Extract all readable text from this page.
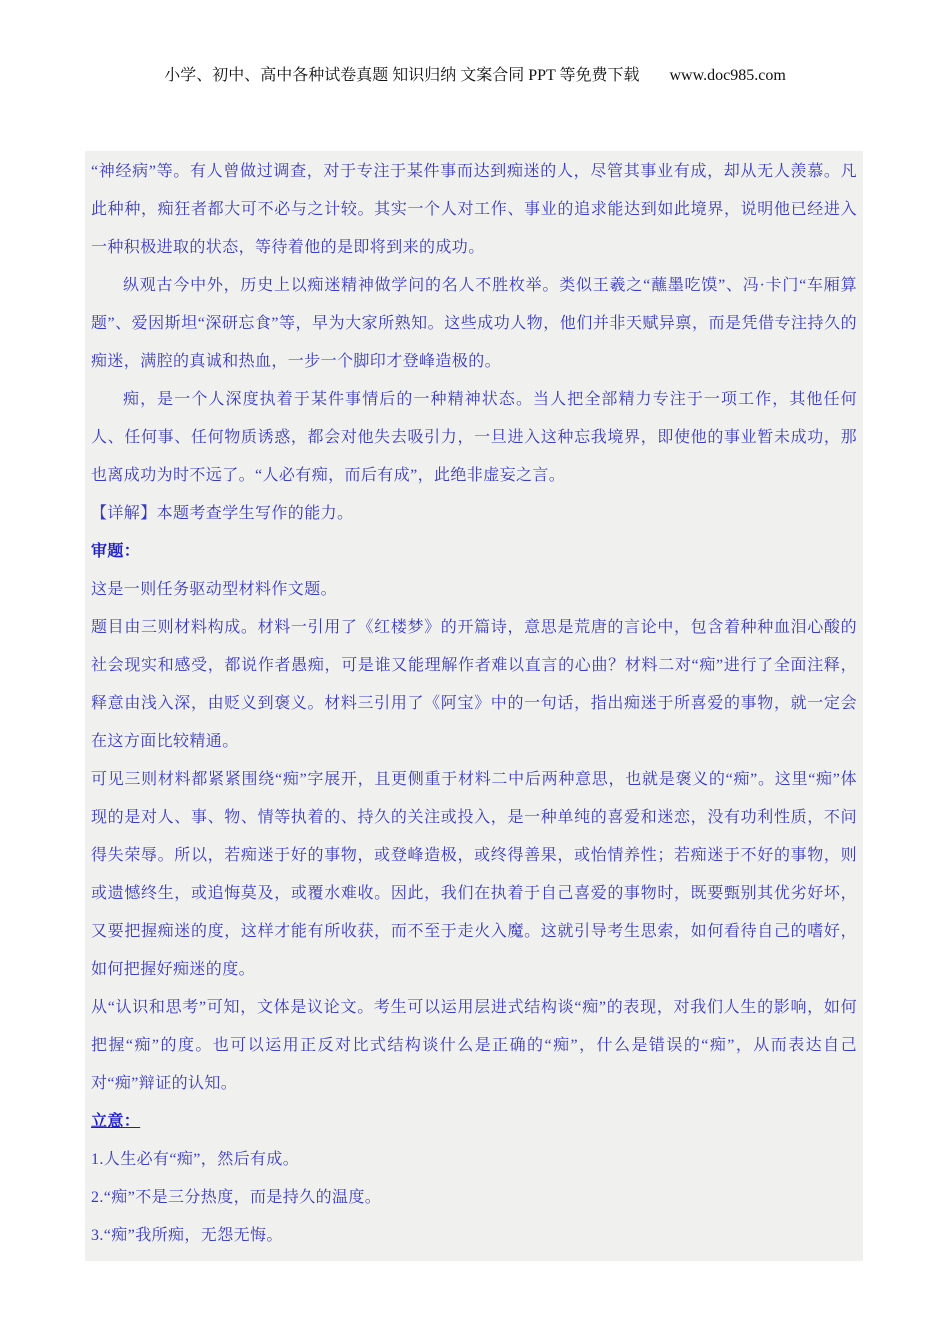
小学、初中、高中各种试卷真题 知识归纳 文案合同 PPT 等免费下载 www.doc985.com

“神经病”等。有人曾做过调查，对于专注于某件事而达到痴迷的人，尽管其事业有成，却从无人羡慕。凡此种种，痴狂者都大可不必与之计较。其实一个人对工作、事业的追求能达到如此境界，说明他已经进入一种积极进取的状态，等待着他的是即将到来的成功。

纵观古今中外，历史上以痴迷精神做学问的名人不胜枚举。类似王羲之“蘸墨吃馍”、冯·卡门“车厢算题”、爱因斯坦“深研忘食”等，早为大家所熟知。这些成功人物，他们并非天赋异禀，而是凭借专注持久的痴迷，满腔的真诚和热血，一步一个脚印才登峰造极的。

痴，是一个人深度执着于某件事情后的一种精神状态。当人把全部精力专注于一项工作，其他任何人、任何事、任何物质诱惑，都会对他失去吸引力，一旦进入这种忘我境界，即使他的事业暂未成功，那也离成功为时不远了。“人必有痴，而后有成”，此绝非虚妄之言。

【详解】本题考查学生写作的能力。

审题：

这是一则任务驱动型材料作文题。

题目由三则材料构成。材料一引用了《红楼梦》的开篇诗，意思是荒唐的言论中，包含着种种血泪心酸的社会现实和感受，都说作者愚痴，可是谁又能理解作者难以直言的心曲？材料二对“痴”进行了全面注释，释意由浅入深，由贬义到褒义。材料三引用了《阿宝》中的一句话，指出痴迷于所喜爱的事物，就一定会在这方面比较精通。

可见三则材料都紧紧围绕“痴”字展开，且更侧重于材料二中后两种意思，也就是褒义的“痴”。这里“痴”体现的是对人、事、物、情等执着的、持久的关注或投入，是一种单纯的喜爱和迷恋，没有功利性质，不问得失荣辱。所以，若痴迷于好的事物，或登峰造极，或终得善果，或怡情养性；若痴迷于不好的事物，则或遗憾终生，或追悔莫及，或覆水难收。因此，我们在执着于自己喜爱的事物时，既要甄别其优劣好坏，又要把握痴迷的度，这样才能有所收获，而不至于走火入魔。这就引导考生思索，如何看待自己的嗜好，如何把握好痴迷的度。

从“认识和思考”可知，文体是议论文。考生可以运用层进式结构谈“痴”的表现，对我们人生的影响，如何把握“痴”的度。也可以运用正反对比式结构谈什么是正确的“痴”，什么是错误的“痴”，从而表达自己对“痴”辩证的认知。

立意：

1.人生必有“痴”，然后有成。

2.“痴”不是三分热度，而是持久的温度。

3.“痴”我所痴，无怨无悔。
